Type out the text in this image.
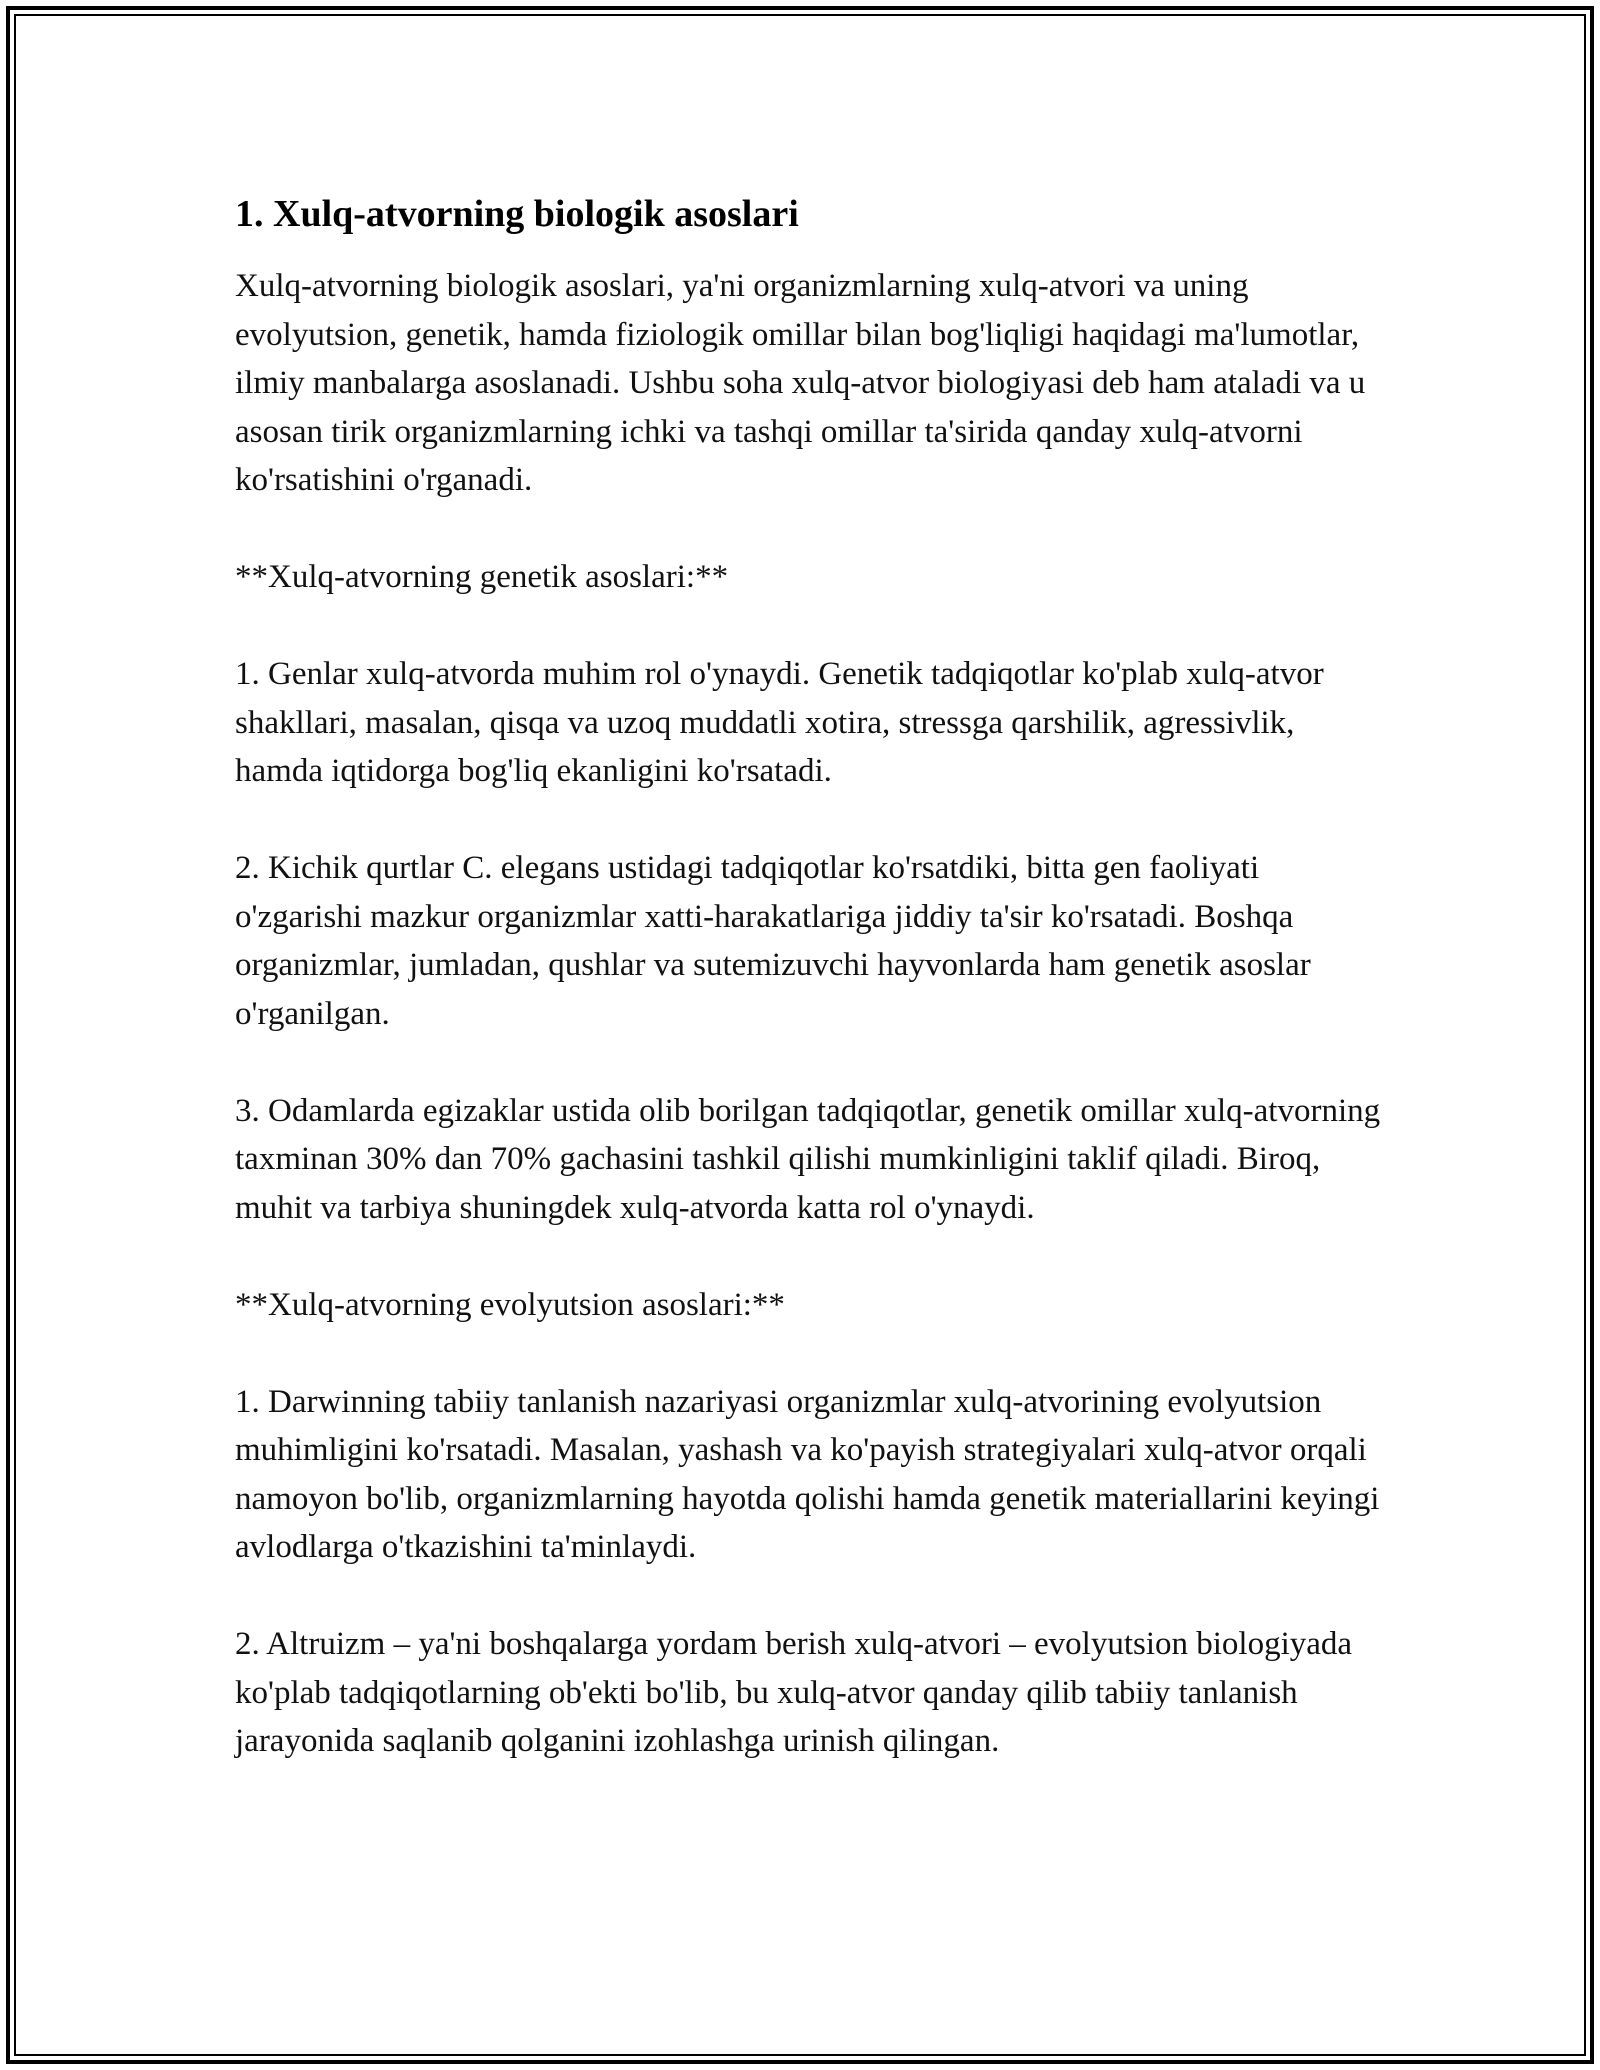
1. Xulq-atvorning biologik asoslari

Xulq-atvorning biologik asoslari, ya'ni organizmlarning xulq-atvori va uning evolyutsion, genetik, hamda fiziologik omillar bilan bog'liqligi haqidagi ma'lumotlar, ilmiy manbalarga asoslanadi. Ushbu soha xulq-atvor biologiyasi deb ham ataladi va u asosan tirik organizmlarning ichki va tashqi omillar ta'sirida qanday xulq-atvorni ko'rsatishini o'rganadi.

**Xulq-atvorning genetik asoslari:**

1. Genlar xulq-atvorda muhim rol o'ynaydi. Genetik tadqiqotlar ko'plab xulq-atvor shakllari, masalan, qisqa va uzoq muddatli xotira, stressga qarshilik, agressivlik, hamda iqtidorga bog'liq ekanligini ko'rsatadi.

2. Kichik qurtlar C. elegans ustidagi tadqiqotlar ko'rsatdiki, bitta gen faoliyati o'zgarishi mazkur organizmlar xatti-harakatlariga jiddiy ta'sir ko'rsatadi. Boshqa organizmlar, jumladan, qushlar va sutemizuvchi hayvonlarda ham genetik asoslar o'rganilgan.

3. Odamlarda egizaklar ustida olib borilgan tadqiqotlar, genetik omillar xulq-atvorning taxminan 30% dan 70% gachasini tashkil qilishi mumkinligini taklif qiladi. Biroq, muhit va tarbiya shuningdek xulq-atvorda katta rol o'ynaydi.

**Xulq-atvorning evolyutsion asoslari:**

1. Darwinning tabiiy tanlanish nazariyasi organizmlar xulq-atvorining evolyutsion muhimligini ko'rsatadi. Masalan, yashash va ko'payish strategiyalari xulq-atvor orqali namoyon bo'lib, organizmlarning hayotda qolishi hamda genetik materiallarini keyingi avlodlarga o'tkazishini ta'minlaydi.

2. Altruizm – ya'ni boshqalarga yordam berish xulq-atvori – evolyutsion biologiyada ko'plab tadqiqotlarning ob'ekti bo'lib, bu xulq-atvor qanday qilib tabiiy tanlanish jarayonida saqlanib qolganini izohlashga urinish qilingan.
